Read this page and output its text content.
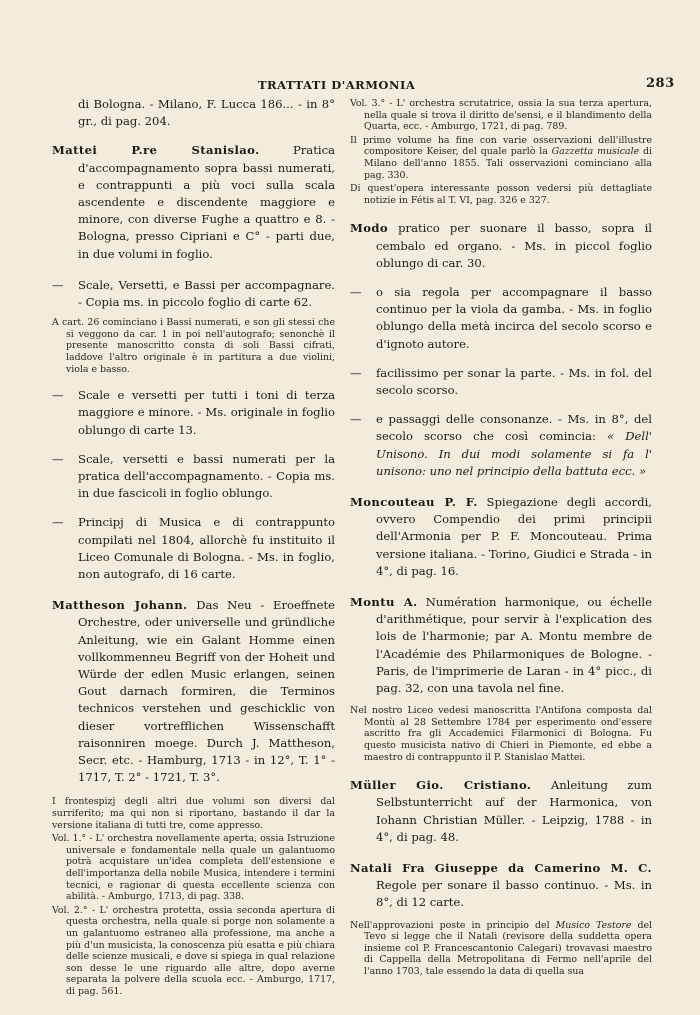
TRATTATI D'ARMONIA	283

di Bologna. - Milano, F. Lucca 186... - in 8° gr., di pag. 204.

Mattei P.re Stanislao. Pratica d'accompagnamento sopra bassi numerati, e contrappunti a più voci sulla scala ascendente e discendente maggiore e minore, con diverse Fughe a quattro e 8. - Bologna, presso Cipriani e C° - parti due, in due volumi in foglio.

— Scale, Versetti, e Bassi per accompagnare. - Copia ms. in piccolo foglio di carte 62.

A cart. 26 cominciano i Bassi numerati, e son gli stessi che si veggono da car. 1 in poi nell'autografo; senonchè il presente manoscritto consta di soli Bassi cifrati, laddove l'altro originale è in partitura a due violini, viola e basso.

— Scale e versetti per tutti i toni di terza maggiore e minore. - Ms. originale in foglio oblungo di carte 13.

— Scale, versetti e bassi numerati per la pratica dell'accompagnamento. - Copia ms. in due fascicoli in foglio oblungo.

— Principj di Musica e di contrappunto compilati nel 1804, allorchè fu instituito il Liceo Comunale di Bologna. - Ms. in foglio, non autografo, di 16 carte.

Mattheson Johann. Das Neu - Eroeffnete Orchestre, oder universelle und gründliche Anleitung, wie ein Galant Homme einen vollkommenneu Begriff von der Hoheit und Würde der edlen Music erlangen, seinen Gout darnach formiren, die Terminos technicos verstehen und geschicklic von dieser vortrefflichen Wissenschafft raisonniren moege. Durch J. Mattheson, Secr. etc. - Hamburg, 1713 - in 12°, T. 1° - 1717, T. 2° - 1721, T. 3°.

I frontespizj degli altri due volumi son diversi dal surriferito; ma qui non si riportano, bastando il dar la versione italiana di tutti tre, come appresso.

Vol. 1.° - L' orchestra novellamente aperta, ossia Istruzione universale e fondamentale nella quale un galantuomo potrà acquistare un'idea completa dell'estensione e dell'importanza della nobile Musica, intendere i termini tecnici, e ragionar di questa eccellente scienza con abilità. - Amburgo, 1713, di pag. 338.

Vol. 2.° - L' orchestra protetta, ossia seconda apertura di questa orchestra, nella quale si porge non solamente a un galantuomo estraneo alla professione, ma anche a più d'un musicista, la conoscenza più esatta e più chiara delle scienze musicali, e dove si spiega in qual relazione son desse le une riguardo alle altre, dopo averne separata la polvere della scuola ecc. - Amburgo, 1717, di pag. 561.

Vol. 3.° - L' orchestra scrutatrice, ossia la sua terza apertura, nella quale si trova il diritto de'sensi, e il blandimento della Quarta, ecc. - Amburgo, 1721, di pag. 789.

Il primo volume ha fine con varie osservazioni dell'illustre compositore Keiser, del quale parlò la Gazzetta musicale di Milano dell'anno 1855. Tali osservazioni cominciano alla pag. 330.

Di quest'opera interessante posson vedersi più dettagliate notizie in Fétis al T. VI, pag. 326 e 327.

Modo pratico per suonare il basso, sopra il cembalo ed organo. - Ms. in piccol foglio oblungo di car. 30.

— o sia regola per accompagnare il basso continuo per la viola da gamba. - Ms. in foglio oblungo della metà incirca del secolo scorso e d'ignoto autore.

— facilissimo per sonar la parte. - Ms. in fol. del secolo scorso.

— e passaggi delle consonanze. - Ms. in 8°, del secolo scorso che così comincia: « Dell' Unisono. In dui modi solamente si fa l' unisono: uno nel principio della battuta ecc. »

Moncouteau P. F. Spiegazione degli accordi, ovvero Compendio dei primi principii dell'Armonia per P. F. Moncouteau. Prima versione italiana. - Torino, Giudici e Strada - in 4°, di pag. 16.

Montu A. Numération harmonique, ou échelle d'arithmétique, pour servir à l'explication des lois de l'harmonie; par A. Montu membre de l'Académie des Philarmoniques de Bologne. - Paris, de l'imprimerie de Laran - in 4° picc., di pag. 32, con una tavola nel fine.

Nel nostro Liceo vedesi manoscritta l'Antifona composta dal Montù al 28 Settembre 1784 per esperimento ond'essere ascritto fra gli Accademici Filarmonici di Bologna. Fu questo musicista nativo di Chieri in Piemonte, ed ebbe a maestro di contrappunto il P. Stanislao Mattei.

Müller Gio. Cristiano. Anleitung zum Selbstunterricht auf der Harmonica, von Iohann Christian Müller. - Leipzig, 1788 - in 4°, di pag. 48.

Natali Fra Giuseppe da Camerino M. C. Regole per sonare il basso continuo. - Ms. in 8°, di 12 carte.

Nell'approvazioni poste in principio del Musico Testore del Tevo si legge che il Natali (revisore della suddetta opera insieme col P. Francescantonio Calegari) trovavasi maestro di Cappella della Metropolitana di Fermo nell'aprile del l'anno 1703, tale essendo la data di quella sua
